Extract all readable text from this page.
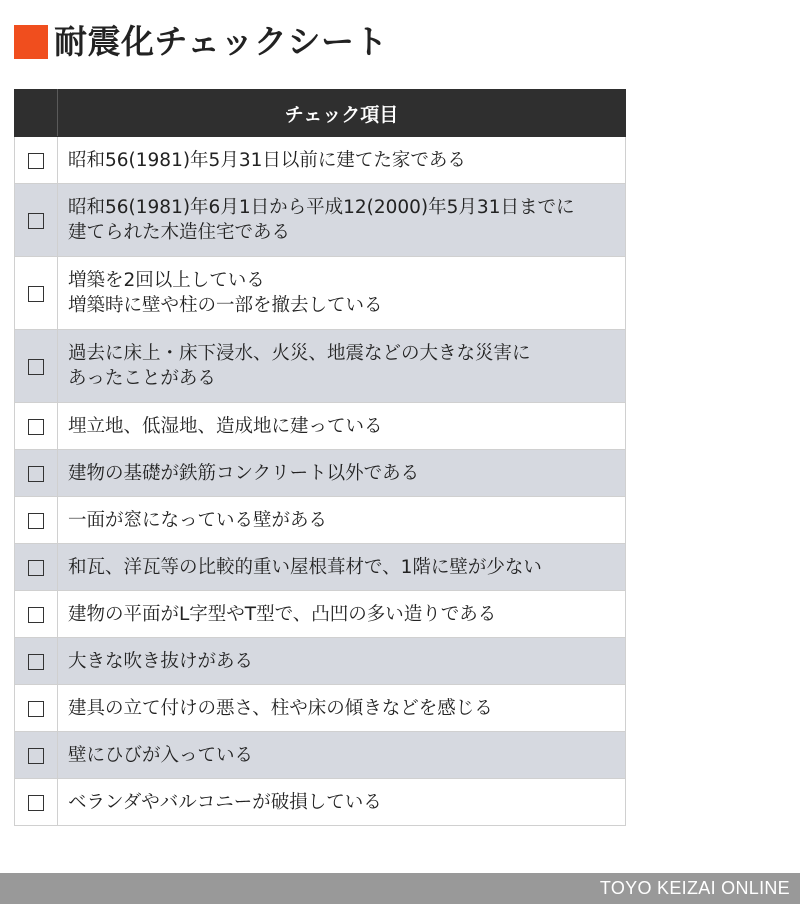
耐震化チェックシート
	チェック項目

	昭和56(1981)年5月31日以前に建てた家である

	昭和56(1981)年6月1日から平成12(2000)年5月31日までに
建てられた木造住宅である

	増築を2回以上している
増築時に壁や柱の一部を撤去している

	過去に床上・床下浸水、火災、地震などの大きな災害に
あったことがある

	埋立地、低湿地、造成地に建っている

	建物の基礎が鉄筋コンクリート以外である

	一面が窓になっている壁がある

	和瓦、洋瓦等の比較的重い屋根葺材で、1階に壁が少ない

	建物の平面がL字型やT型で、凸凹の多い造りである

	大きな吹き抜けがある

	建具の立て付けの悪さ、柱や床の傾きなどを感じる

	壁にひびが入っている

	ベランダやバルコニーが破損している
TOYO KEIZAI ONLINE
